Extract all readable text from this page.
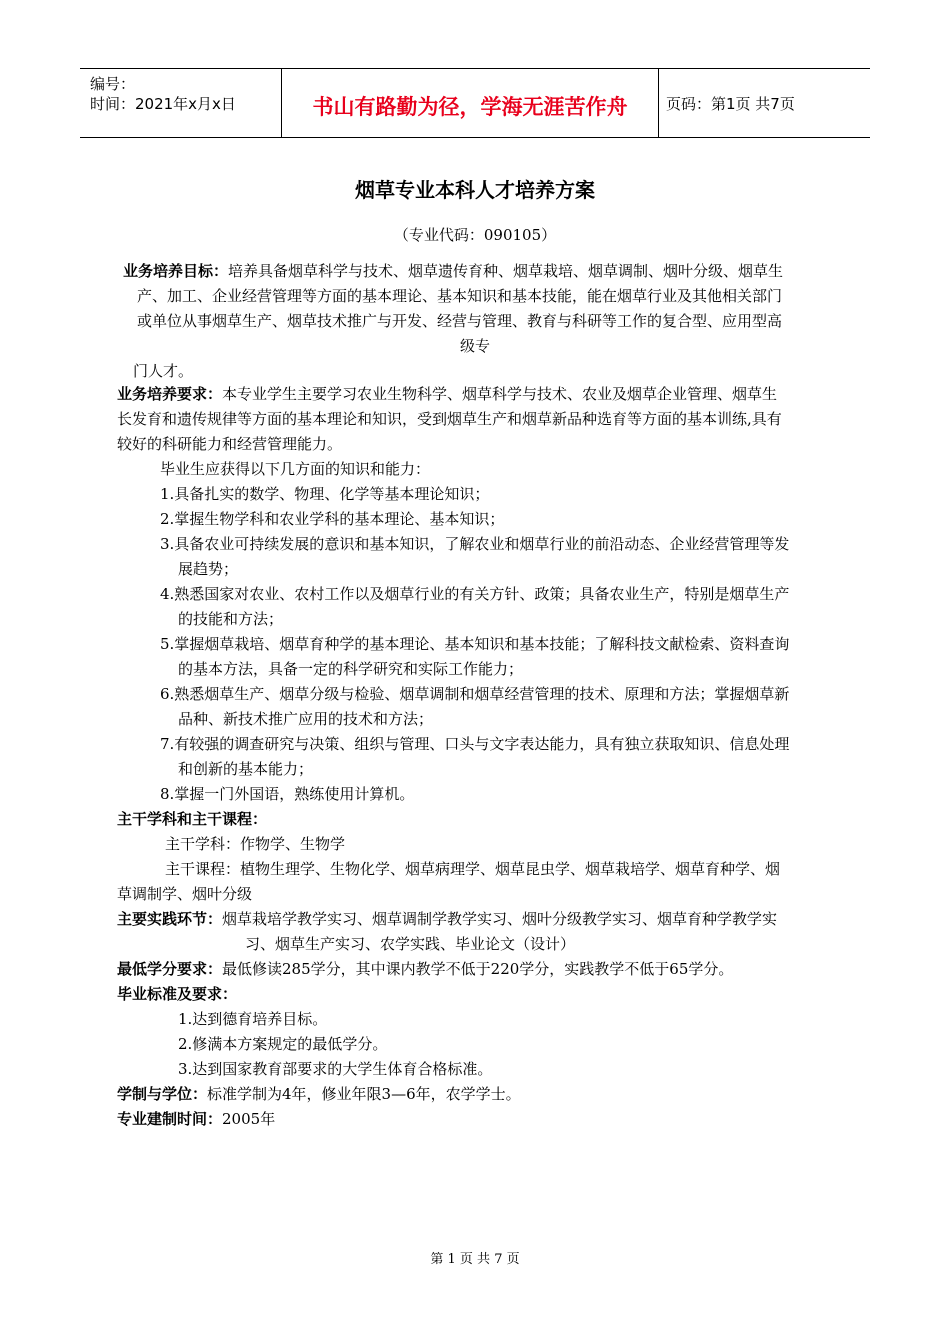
编号：
时间：2021年x月x日	书山有路勤为径，学海无涯苦作舟	页码：第1页 共7页
烟草专业本科人才培养方案
（专业代码：090105）
业务培养目标：培养具备烟草科学与技术、烟草遗传育种、烟草栽培、烟草调制、烟叶分级、烟草生
产、加工、企业经营管理等方面的基本理论、基本知识和基本技能，能在烟草行业及其他相关部门
或单位从事烟草生产、烟草技术推广与开发、经营与管理、教育与科研等工作的复合型、应用型高
级专
门人才。
业务培养要求：本专业学生主要学习农业生物科学、烟草科学与技术、农业及烟草企业管理、烟草生
长发育和遗传规律等方面的基本理论和知识，受到烟草生产和烟草新品种选育等方面的基本训练,具有
较好的科研能力和经营管理能力。
毕业生应获得以下几方面的知识和能力：
1.具备扎实的数学、物理、化学等基本理论知识；
2.掌握生物学科和农业学科的基本理论、基本知识；
3.具备农业可持续发展的意识和基本知识，了解农业和烟草行业的前沿动态、企业经营管理等发
展趋势；
4.熟悉国家对农业、农村工作以及烟草行业的有关方针、政策；具备农业生产，特别是烟草生产
的技能和方法；
5.掌握烟草栽培、烟草育种学的基本理论、基本知识和基本技能；了解科技文献检索、资料查询
的基本方法，具备一定的科学研究和实际工作能力；
6.熟悉烟草生产、烟草分级与检验、烟草调制和烟草经营管理的技术、原理和方法；掌握烟草新
品种、新技术推广应用的技术和方法；
7.有较强的调查研究与决策、组织与管理、口头与文字表达能力，具有独立获取知识、信息处理
和创新的基本能力；
8.掌握一门外国语，熟练使用计算机。
主干学科和主干课程：
主干学科：作物学、生物学
主干课程：植物生理学、生物化学、烟草病理学、烟草昆虫学、烟草栽培学、烟草育种学、烟
草调制学、烟叶分级
主要实践环节：烟草栽培学教学实习、烟草调制学教学实习、烟叶分级教学实习、烟草育种学教学实
习、烟草生产实习、农学实践、毕业论文（设计）
最低学分要求：最低修读285学分，其中课内教学不低于220学分，实践教学不低于65学分。
毕业标准及要求：
1.达到德育培养目标。
2.修满本方案规定的最低学分。
3.达到国家教育部要求的大学生体育合格标准。
学制与学位：标准学制为4年，修业年限3—6年，农学学士。
专业建制时间：2005年
第 1 页 共 7 页
